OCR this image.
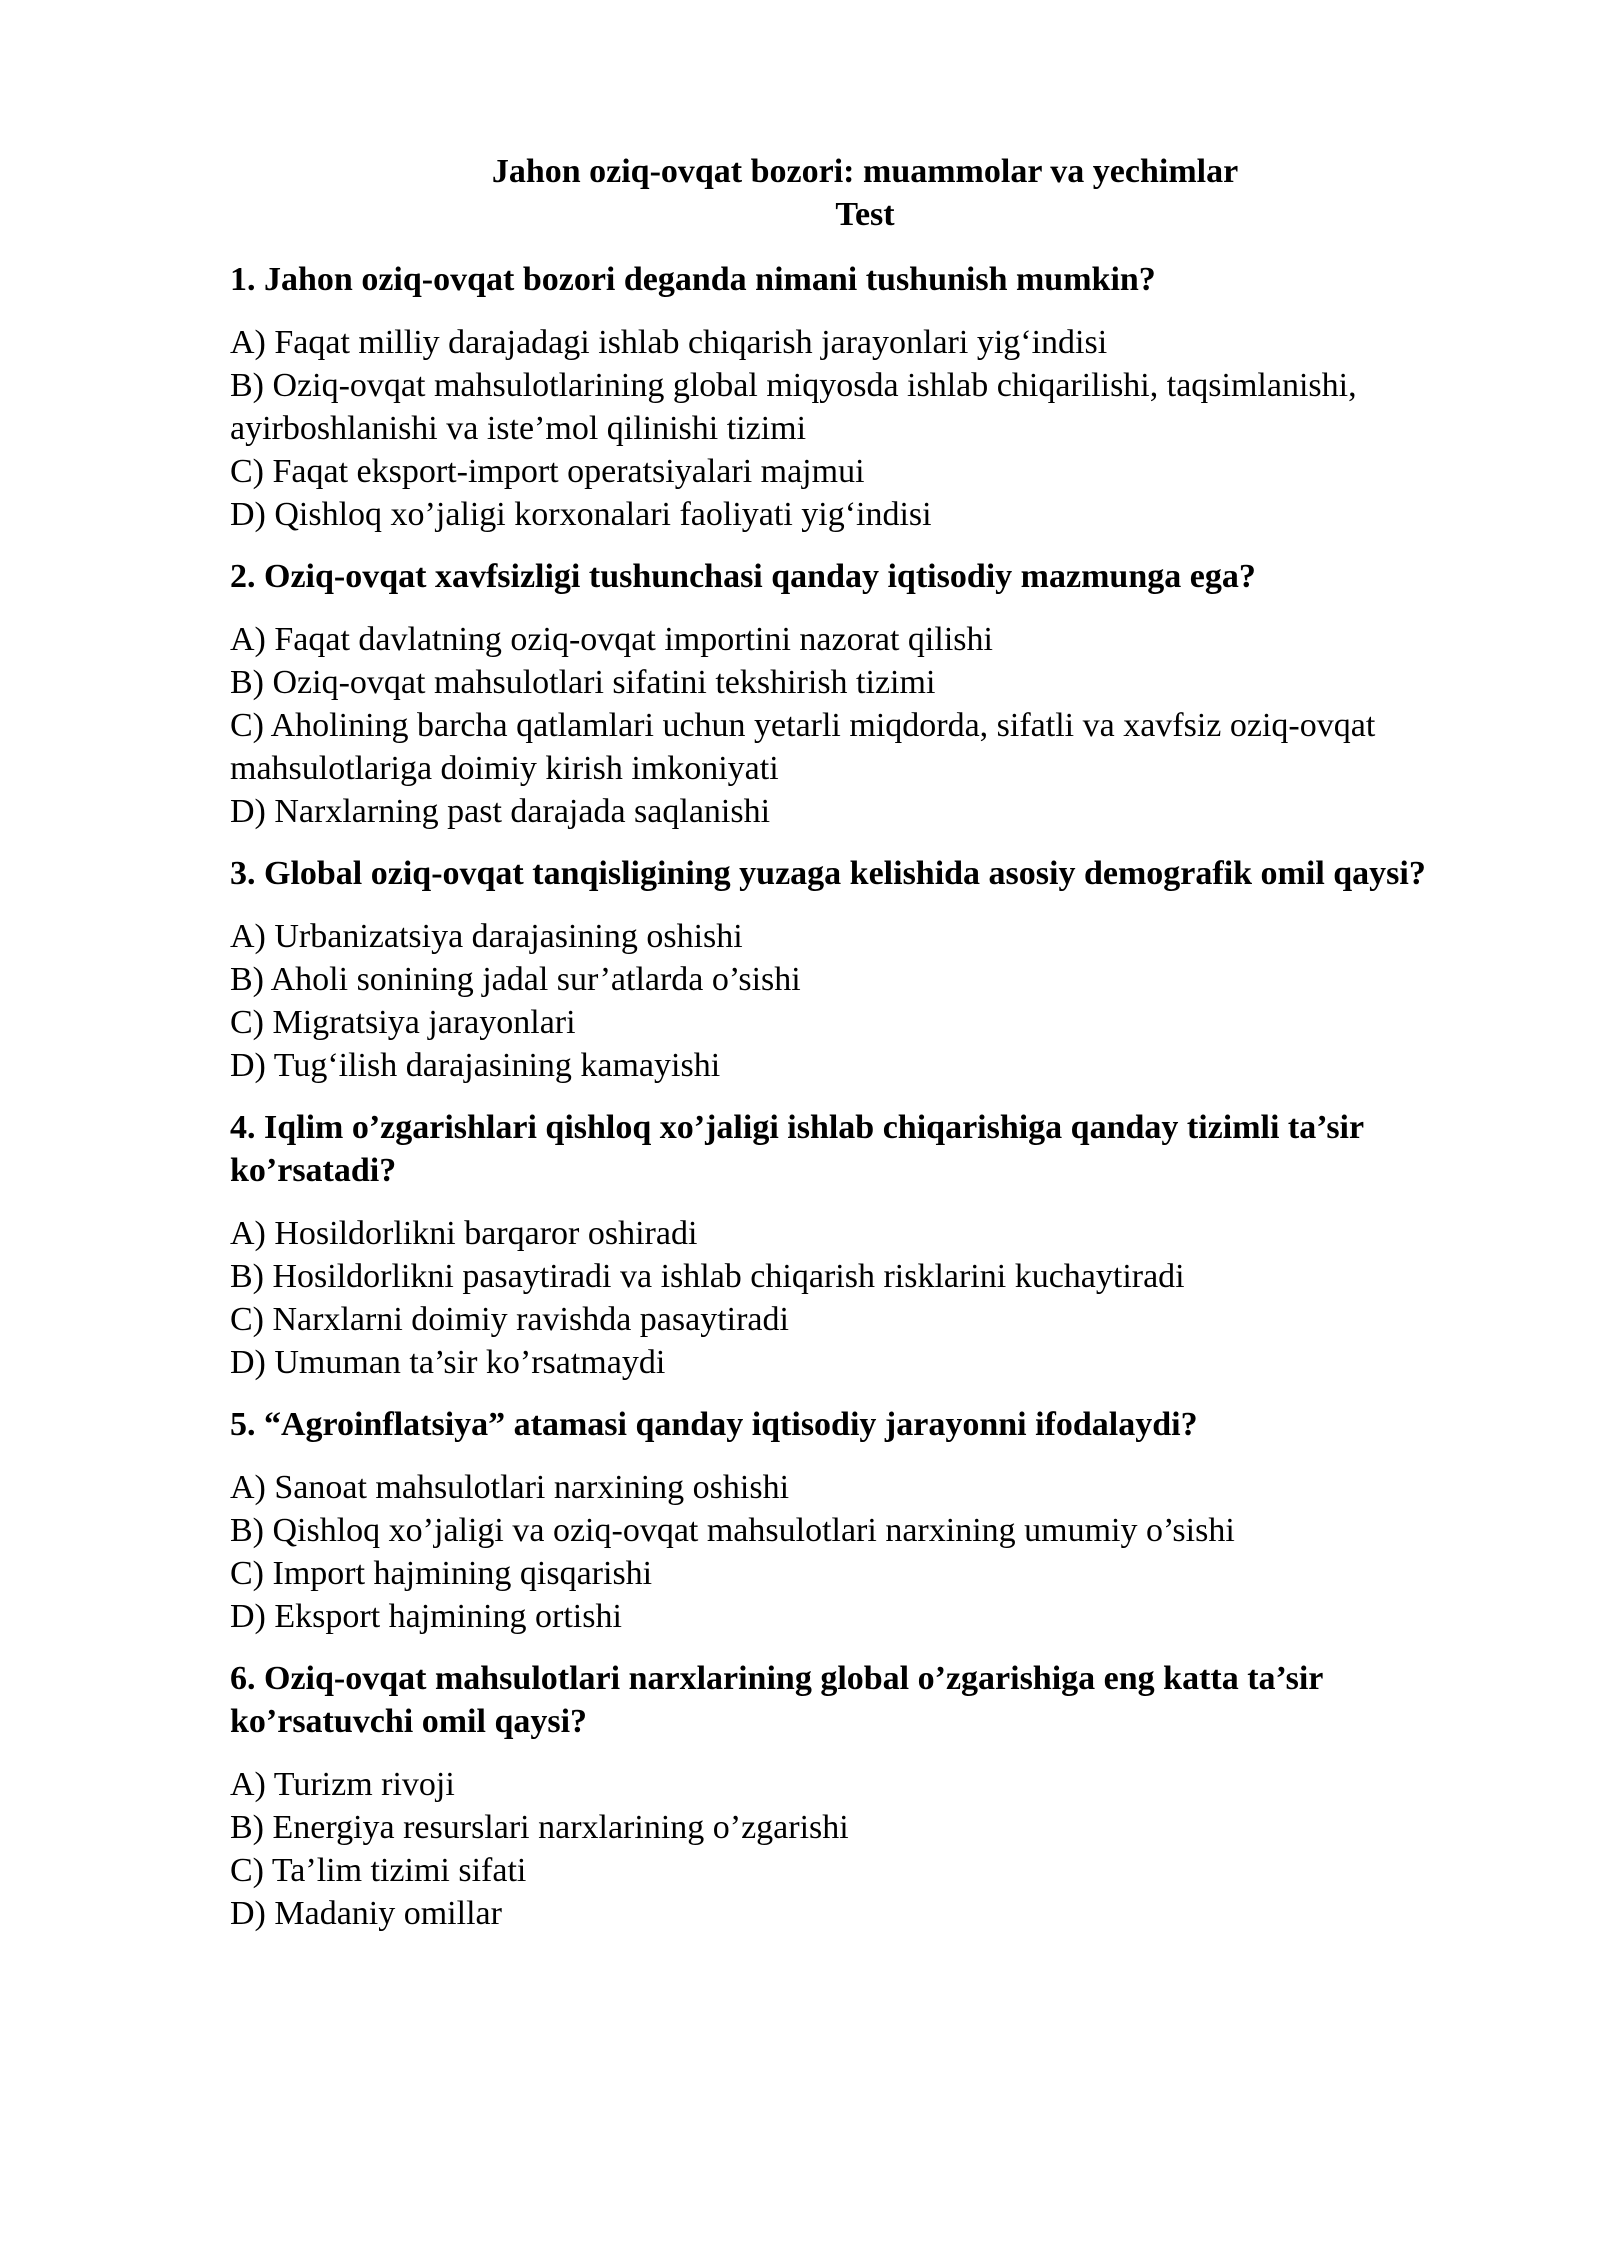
Jahon oziq-ovqat bozori: muammolar va yechimlar
Test
1. Jahon oziq-ovqat bozori deganda nimani tushunish mumkin?
A) Faqat milliy darajadagi ishlab chiqarish jarayonlari yig‘indisi
B) Oziq-ovqat mahsulotlarining global miqyosda ishlab chiqarilishi, taqsimlanishi, ayirboshlanishi va iste’mol qilinishi tizimi
C) Faqat eksport-import operatsiyalari majmui
D) Qishloq xo’jaligi korxonalari faoliyati yig‘indisi
2. Oziq-ovqat xavfsizligi tushunchasi qanday iqtisodiy mazmunga ega?
A) Faqat davlatning oziq-ovqat importini nazorat qilishi
B) Oziq-ovqat mahsulotlari sifatini tekshirish tizimi
C) Aholining barcha qatlamlari uchun yetarli miqdorda, sifatli va xavfsiz oziq-ovqat mahsulotlariga doimiy kirish imkoniyati
D) Narxlarning past darajada saqlanishi
3. Global oziq-ovqat tanqisligining yuzaga kelishida asosiy demografik omil qaysi?
A) Urbanizatsiya darajasining oshishi
B) Aholi sonining jadal sur’atlarda o’sishi
C) Migratsiya jarayonlari
D) Tug‘ilish darajasining kamayishi
4. Iqlim o’zgarishlari qishloq xo’jaligi ishlab chiqarishiga qanday tizimli ta’sir ko’rsatadi?
A) Hosildorlikni barqaror oshiradi
B) Hosildorlikni pasaytiradi va ishlab chiqarish risklarini kuchaytiradi
C) Narxlarni doimiy ravishda pasaytiradi
D) Umuman ta’sir ko’rsatmaydi
5. “Agroinflatsiya” atamasi qanday iqtisodiy jarayonni ifodalaydi?
A) Sanoat mahsulotlari narxining oshishi
B) Qishloq xo’jaligi va oziq-ovqat mahsulotlari narxining umumiy o’sishi
C) Import hajmining qisqarishi
D) Eksport hajmining ortishi
6. Oziq-ovqat mahsulotlari narxlarining global o’zgarishiga eng katta ta’sir ko’rsatuvchi omil qaysi?
A) Turizm rivoji
B) Energiya resurslari narxlarining o’zgarishi
C) Ta’lim tizimi sifati
D) Madaniy omillar
